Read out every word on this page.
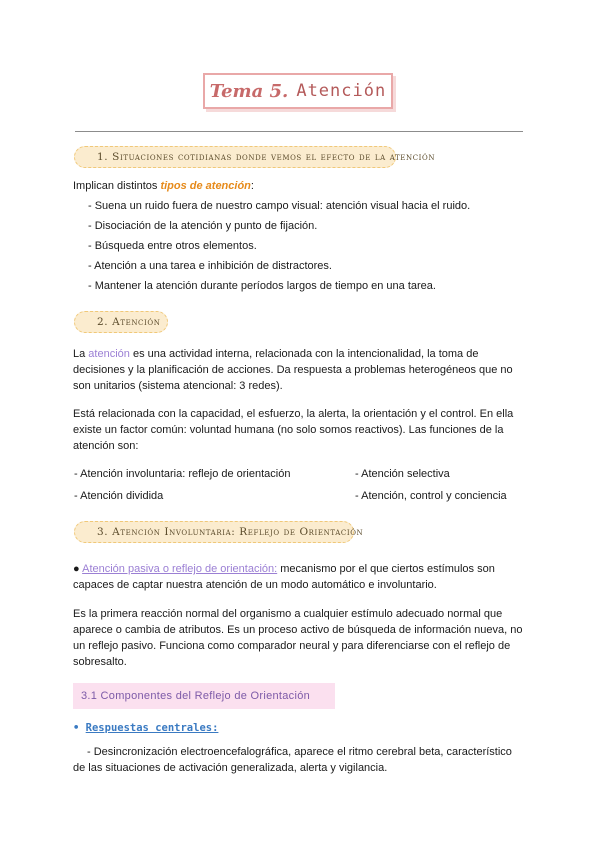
Tema 5. Atención
1. Situaciones cotidianas donde vemos el efecto de la atención
Implican distintos tipos de atención:
- Suena un ruido fuera de nuestro campo visual: atención visual hacia el ruido.
- Disociación de la atención y punto de fijación.
- Búsqueda entre otros elementos.
- Atención a una tarea e inhibición de distractores.
- Mantener la atención durante períodos largos de tiempo en una tarea.
2. Atención
La atención es una actividad interna, relacionada con la intencionalidad, la toma de
decisiones y la planificación de acciones. Da respuesta a problemas heterogéneos que no
son unitarios (sistema atencional: 3 redes).
Está relacionada con la capacidad, el esfuerzo, la alerta, la orientación y el control. En ella
existe un factor común: voluntad humana (no solo somos reactivos). Las funciones de la
atención son:
- Atención involuntaria: reflejo de orientación	- Atención selectiva
- Atención dividida	- Atención, control y conciencia
3. Atención Involuntaria: Reflejo de Orientación
● Atención pasiva o reflejo de orientación: mecanismo por el que ciertos estímulos son
capaces de captar nuestra atención de un modo automático e involuntario.
Es la primera reacción normal del organismo a cualquier estímulo adecuado normal que
aparece o cambia de atributos. Es un proceso activo de búsqueda de información nueva, no
un reflejo pasivo. Funciona como comparador neural y para diferenciarse con el reflejo de
sobresalto.
3.1 Componentes del Reflejo de Orientación
• Respuestas centrales:
- Desincronización electroencefalográfica, aparece el ritmo cerebral beta, característico
de las situaciones de activación generalizada, alerta y vigilancia.
